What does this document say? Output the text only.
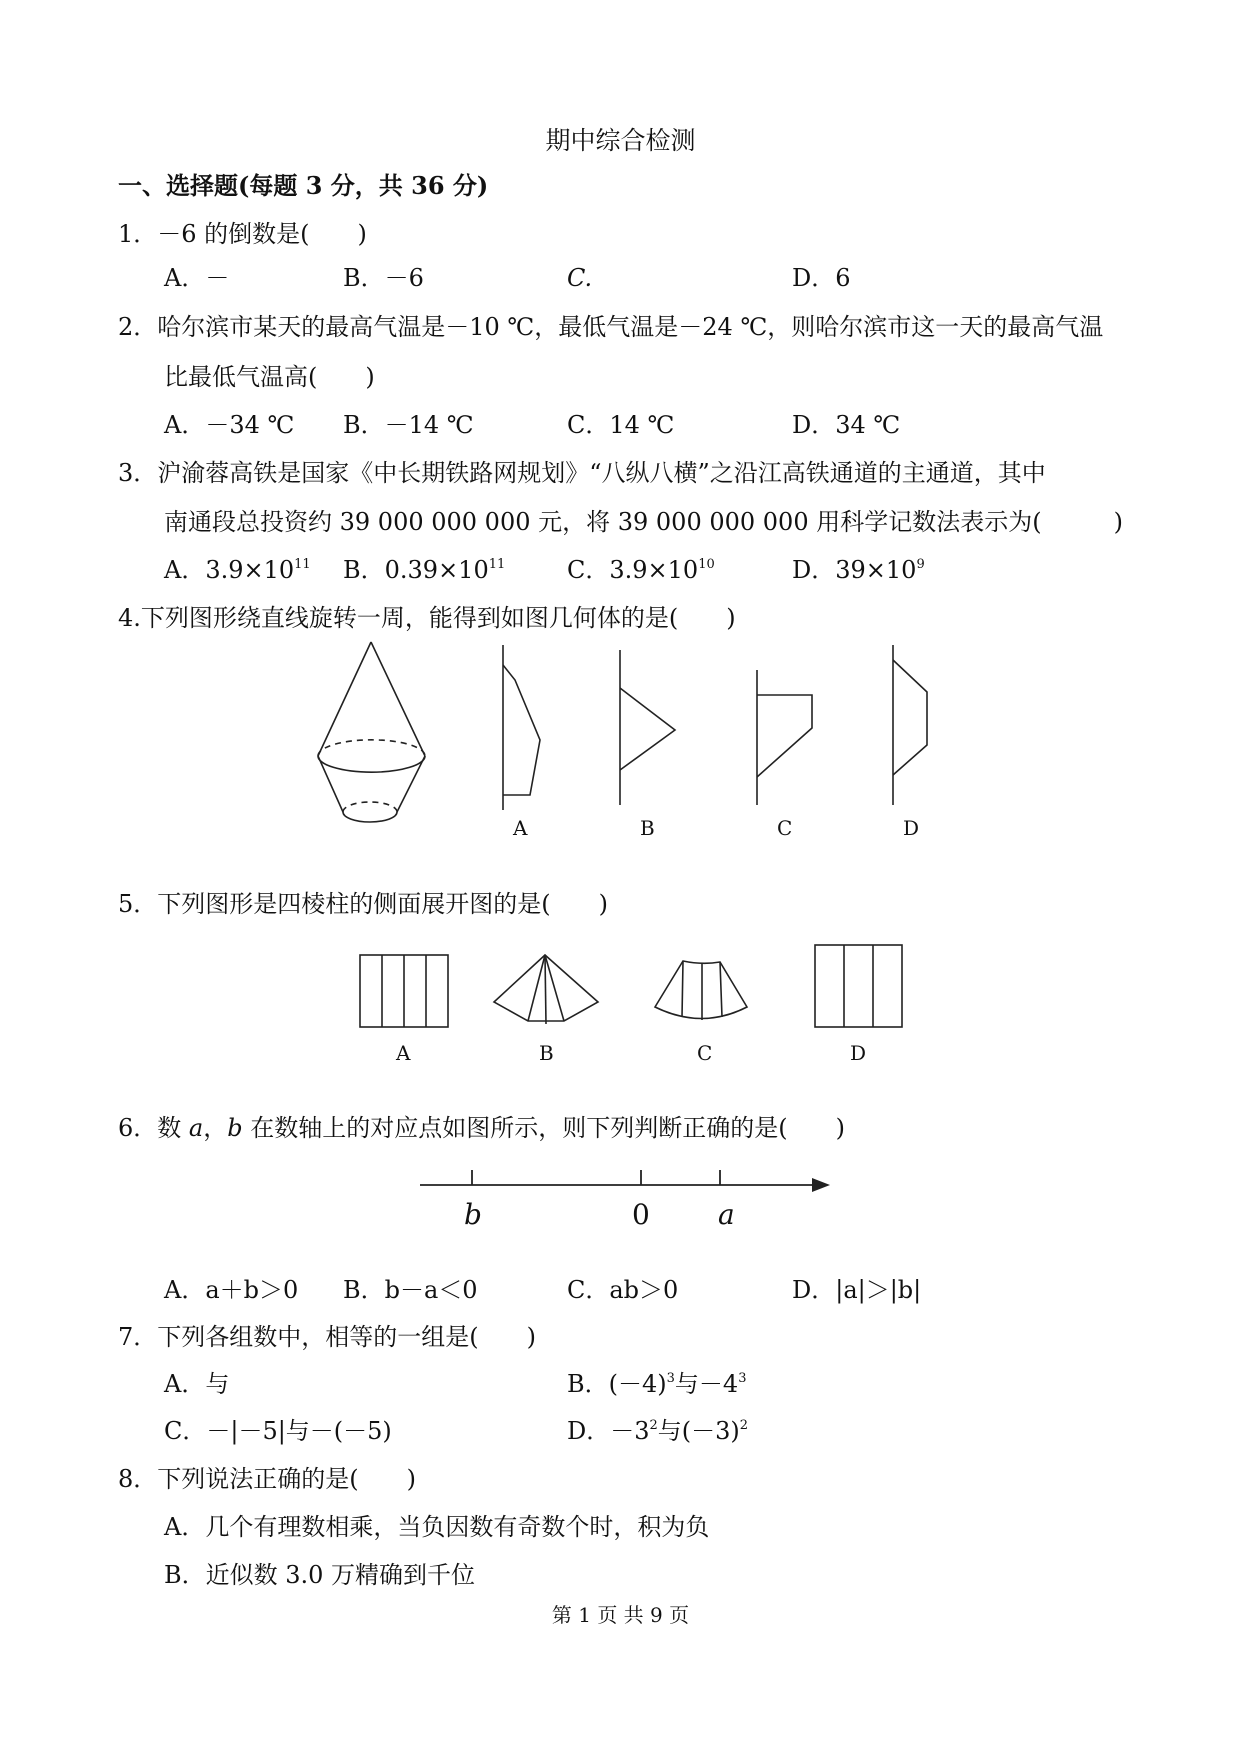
期中综合检测
一、选择题(每题 3 分，共 36 分)
1．－6 的倒数是(　　)
A．－	B．－6	C.	D．6
2．哈尔滨市某天的最高气温是－10 ℃，最低气温是－24 ℃，则哈尔滨市这一天的最高气温
比最低气温高(　　)
A．－34 ℃ B．－14 ℃	C．14 ℃	D．34 ℃
3．沪渝蓉高铁是国家《中长期铁路网规划》“八纵八横”之沿江高铁通道的主通道，其中
南通段总投资约 39 000 000 000 元，将 39 000 000 000 用科学记数法表示为(　　　)
A．$3.9\times 10^{11}$ B．$0.39\times 10^{11}$	C．$3.9\times 10^{10}$	D．$39\times 10^9$
4.下列图形绕直线旋转一周，能得到如图几何体的是(　　)
A	B	C	D
5．下列图形是四棱柱的侧面展开图的是(　　)
A	B	C	D
6．数 a，b 在数轴上的对应点如图所示，则下列判断正确的是(　　)
b	0 a
A．a＋b＞0 B．b－a＜0	C．ab＞0	D．|a|＞|b|
7．下列各组数中，相等的一组是(　　)
A．与	B．$(-4)^3$与$-4^3$
C．－|－5|与－(－5)	D．$-3^2$与$(-3)^2$
8．下列说法正确的是(　　)
A．几个有理数相乘，当负因数有奇数个时，积为负
B．近似数 3.0 万精确到千位
第 1 页 共 9 页
